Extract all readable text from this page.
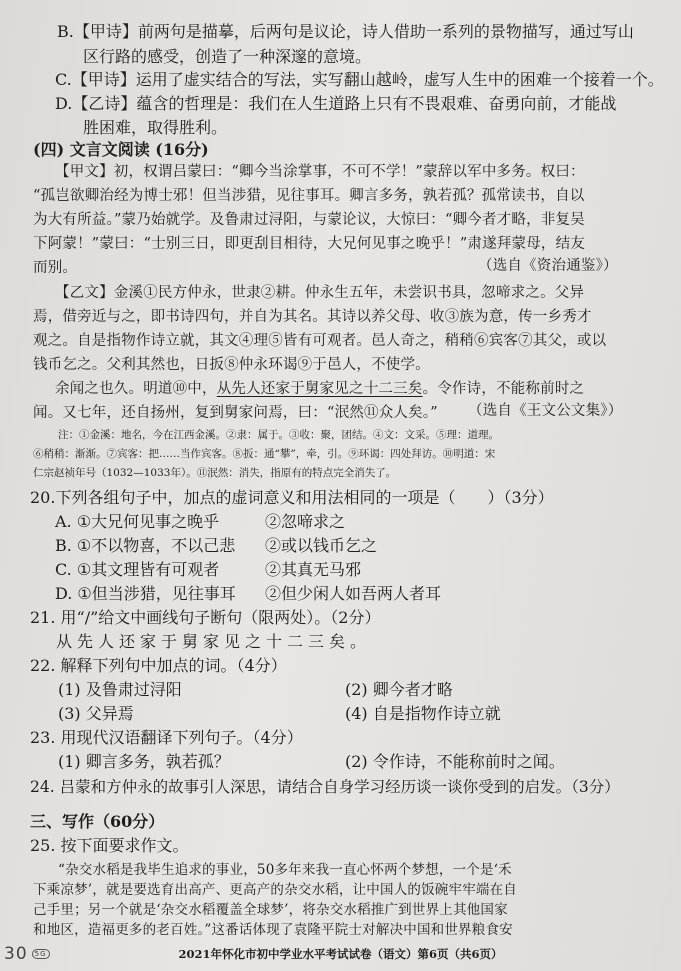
B.【甲诗】前两句是描摹，后两句是议论，诗人借助一系列的景物描写，通过写山
区行路的感受，创造了一种深邃的意境。
C.【甲诗】运用了虚实结合的写法，实写翻山越岭，虚写人生中的困难一个接着一个。
D.【乙诗】蕴含的哲理是：我们在人生道路上只有不畏艰难、奋勇向前，才能战
胜困难，取得胜利。
(四) 文言文阅读 (16分)
【甲文】初，权谓吕蒙曰：“卿今当涂掌事，不可不学！”蒙辞以军中多务。权曰：
“孤岂欲卿治经为博士邪！但当涉猎，见往事耳。卿言多务，孰若孤？孤常读书，自以
为大有所益。”蒙乃始就学。及鲁肃过浔阳，与蒙论议，大惊曰：“卿今者才略，非复吴
下阿蒙！”蒙曰：“士别三日，即更刮目相待，大兄何见事之晚乎！”肃遂拜蒙母，结友
而别。	（选自《资治通鉴》）
【乙文】金溪①民方仲永，世隶②耕。仲永生五年，未尝识书具，忽啼求之。父异
焉，借旁近与之，即书诗四句，并自为其名。其诗以养父母、收③族为意，传一乡秀才
观之。自是指物作诗立就，其文④理⑤皆有可观者。邑人奇之，稍稍⑥宾客⑦其父，或以
钱币乞之。父利其然也，日扳⑧仲永环谒⑨于邑人，不使学。
余闻之也久。明道⑩中，从先人还家于舅家见之十二三矣。令作诗，不能称前时之
闻。又七年，还自扬州，复到舅家问焉，曰：“泯然⑪众人矣。” （选自《王文公文集》）
注：①金溪：地名，今在江西金溪。②隶：属于。③收：聚，团结。④文：文采。⑤理：道理。
⑥稍稍：渐渐。⑦宾客：把……当作宾客。⑧扳：通“攀”，牵，引。⑨环谒：四处拜访。⑩明道：宋
仁宗赵祯年号（1032—1033年）。⑪泯然：消失，指原有的特点完全消失了。
20.下列各组句子中，加点的虚词意义和用法相同的一项是（　　）（3分）
A. ①大兄何见事之晚乎	②忽啼求之
B. ①不以物喜，不以己悲 ②或以钱币乞之
C. ①其文理皆有可观者	②其真无马邪
D. ①但当涉猎，见往事耳 ②但少闲人如吾两人者耳
21. 用“/”给文中画线句子断句（限两处）。（2分）
从先人还家于舅家见之十二三矣。
22. 解释下列句中加点的词。（4分）
(1) 及鲁肃过浔阳	(2) 卿今者才略
(3) 父异焉	(4) 自是指物作诗立就
23. 用现代汉语翻译下列句子。（4分）
(1) 卿言多务，孰若孤？	(2) 令作诗，不能称前时之闻。
24. 吕蒙和方仲永的故事引人深思，请结合自身学习经历谈一谈你受到的启发。（3分）
三、写作（60分）
25. 按下面要求作文。
“杂交水稻是我毕生追求的事业，50多年来我一直心怀两个梦想，一个是‘禾
下乘凉梦’，就是要选育出高产、更高产的杂交水稻，让中国人的饭碗牢牢端在自
己手里；另一个就是‘杂交水稻覆盖全球梦’，将杂交水稻推广到世界上其他国家
和地区，造福更多的老百姓。”这番话体现了袁隆平院士对解决中国和世界粮食安
2021年怀化市初中学业水平考试试卷（语文）第6页（共6页）
30 5G
